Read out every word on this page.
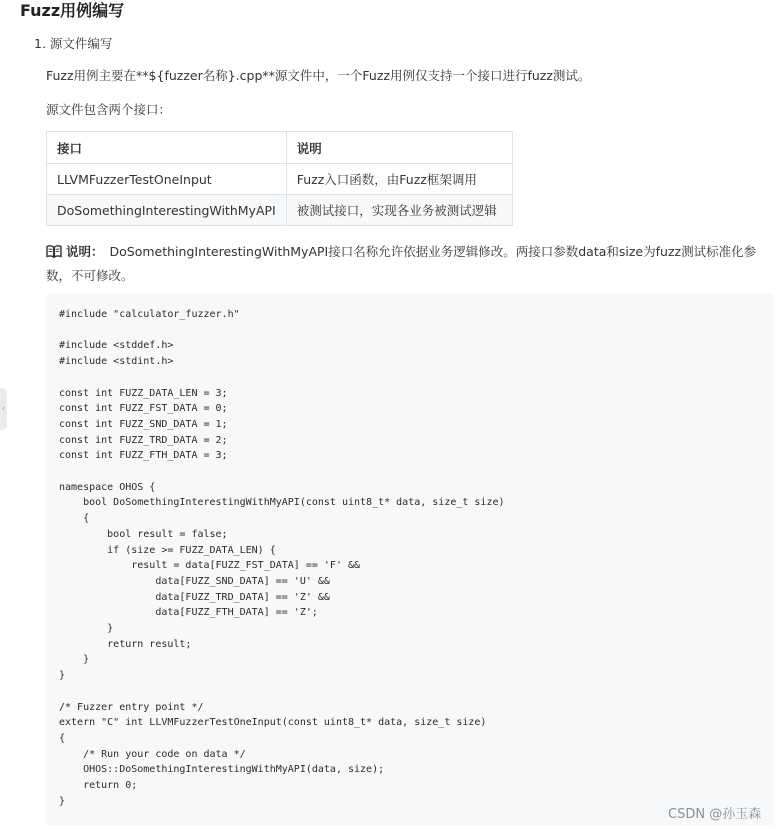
Fuzz用例编写
1. 源文件编写
Fuzz用例主要在**${fuzzer名称}.cpp**源文件中，一个Fuzz用例仅支持一个接口进行fuzz测试。
源文件包含两个接口：
接口	说明
LLVMFuzzerTestOneInput	Fuzz入口函数，由Fuzz框架调用
DoSomethingInterestingWithMyAPI	被测试接口，实现各业务被测试逻辑
说明： DoSomethingInterestingWithMyAPI接口名称允许依据业务逻辑修改。两接口参数data和size为fuzz测试标准化参数，不可修改。
#include "calculator_fuzzer.h"

#include <stddef.h>
#include <stdint.h>

const int FUZZ_DATA_LEN = 3;
const int FUZZ_FST_DATA = 0;
const int FUZZ_SND_DATA = 1;
const int FUZZ_TRD_DATA = 2;
const int FUZZ_FTH_DATA = 3;

namespace OHOS {
bool DoSomethingInterestingWithMyAPI(const uint8_t* data, size_t size)
{
bool result = false;
if (size >= FUZZ_DATA_LEN) {
result = data[FUZZ_FST_DATA] == 'F' &&
data[FUZZ_SND_DATA] == 'U' &&
data[FUZZ_TRD_DATA] == 'Z' &&
data[FUZZ_FTH_DATA] == 'Z';
}
return result;
}
}

/* Fuzzer entry point */
extern "C" int LLVMFuzzerTestOneInput(const uint8_t* data, size_t size)
{
/* Run your code on data */
OHOS::DoSomethingInterestingWithMyAPI(data, size);
return 0;
}
‹
CSDN @孙玉森
